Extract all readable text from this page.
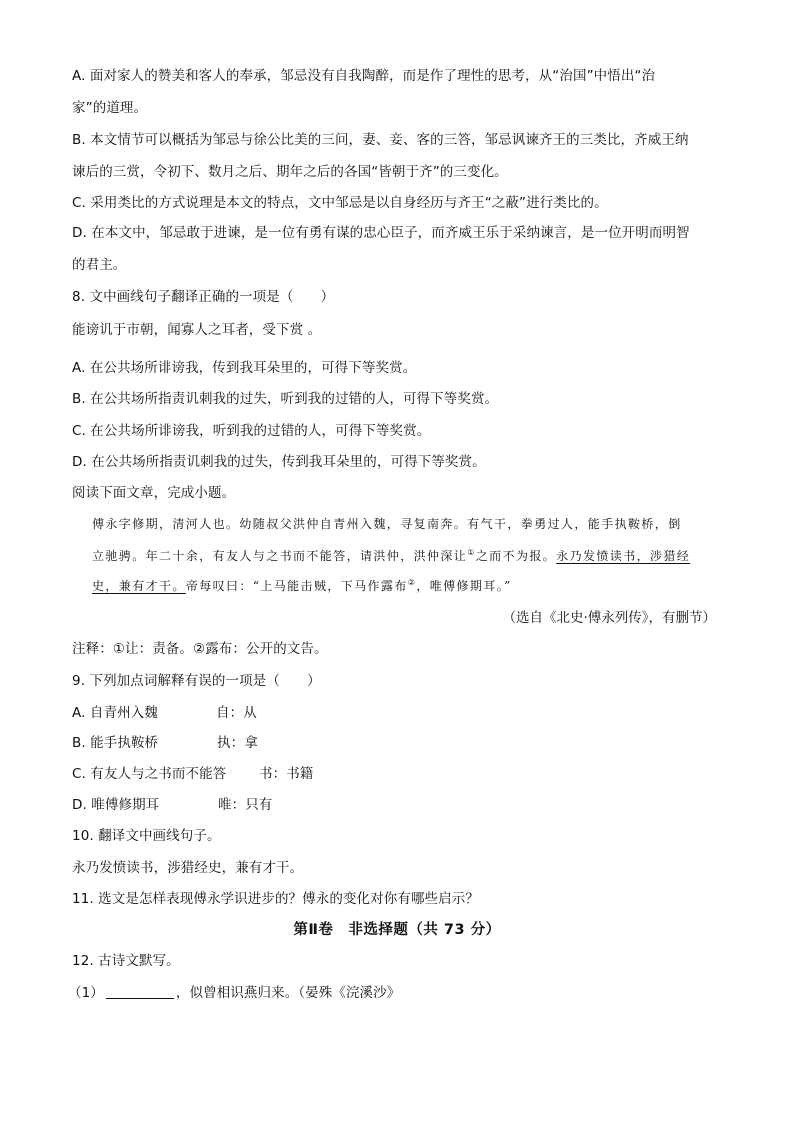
A. 面对家人的赞美和客人的奉承，邹忌没有自我陶醉，而是作了理性的思考，从“治国”中悟出“治
家”的道理。
B. 本文情节可以概括为邹忌与徐公比美的三问，妻、妾、客的三答，邹忌讽谏齐王的三类比，齐威王纳
谏后的三赏，令初下、数月之后、期年之后的各国“皆朝于齐”的三变化。
C. 采用类比的方式说理是本文的特点，文中邹忌是以自身经历与齐王“之蔽”进行类比的。
D. 在本文中，邹忌敢于进谏，是一位有勇有谋的忠心臣子，而齐威王乐于采纳谏言，是一位开明而明智
的君主。
8. 文中画线句子翻译正确的一项是（　　）
能谤讥于市朝，闻寡人之耳者，受下赏 。
A. 在公共场所诽谤我，传到我耳朵里的，可得下等奖赏。
B. 在公共场所指责讥刺我的过失，听到我的过错的人，可得下等奖赏。
C. 在公共场所诽谤我，听到我的过错的人，可得下等奖赏。
D. 在公共场所指责讥刺我的过失，传到我耳朵里的，可得下等奖赏。
阅读下面文章，完成小题。
傅永字修期，清河人也。幼随叔父洪仲自青州入魏，寻复南奔。有气干，拳勇过人，能手执鞍桥，倒
立驰骋。年二十余，有友人与之书而不能答，请洪仲，洪仲深让①之而不为报。永乃发愤读书，涉猎经
史，兼有才干。帝每叹曰：“上马能击贼，下马作露布②，唯傅修期耳。”
（选自《北史·傅永列传》，有删节）
注释：①让：责备。②露布：公开的文告。
9. 下列加点词解释有误的一项是（　　）
A. 自青州入魏	自：从
B. 能手执鞍桥	执：拿
C. 有友人与之书而不能答 书：书籍
D. 唯傅修期耳	唯：只有
10. 翻译文中画线句子。
永乃发愤读书，涉猎经史，兼有才干。
11. 选文是怎样表现傅永学识进步的？傅永的变化对你有哪些启示？
第Ⅱ卷　非选择题（共 73 分）
12. 古诗文默写。
（1）	，似曾相识燕归来。（晏殊《浣溪沙》
